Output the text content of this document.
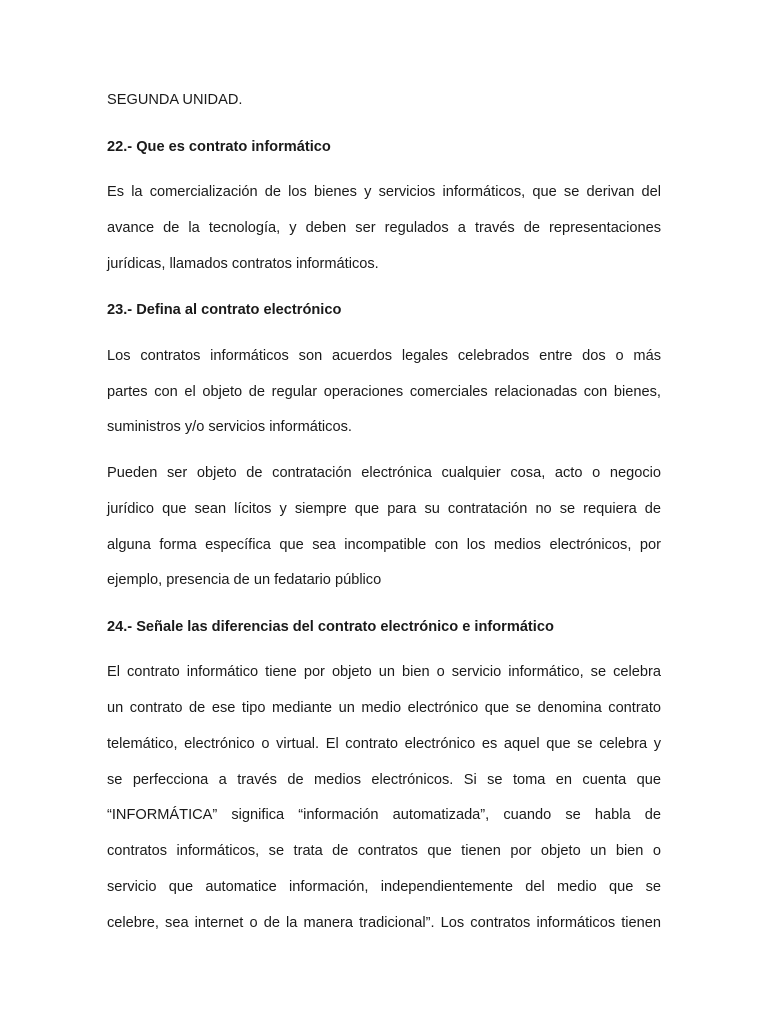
SEGUNDA UNIDAD.
22.- Que es contrato informático
Es la comercialización de los bienes y servicios informáticos, que se derivan del
avance de la tecnología, y deben ser regulados a través de representaciones
jurídicas, llamados contratos informáticos.
23.- Defina al contrato electrónico
Los contratos informáticos son acuerdos legales celebrados entre dos o más
partes con el objeto de regular operaciones comerciales relacionadas con bienes,
suministros y/o servicios informáticos.
Pueden ser objeto de contratación electrónica cualquier cosa, acto o negocio
jurídico que sean lícitos y siempre que para su contratación no se requiera de
alguna forma específica que sea incompatible con los medios electrónicos, por
ejemplo, presencia de un fedatario público
24.- Señale las diferencias del contrato electrónico e informático
El contrato informático tiene por objeto un bien o servicio informático, se celebra
un contrato de ese tipo mediante un medio electrónico que se denomina contrato
telemático, electrónico o virtual. El contrato electrónico es aquel que se celebra y
se perfecciona a través de medios electrónicos. Si se toma en cuenta que
“INFORMÁTICA” significa “información automatizada”, cuando se habla de
contratos informáticos, se trata de contratos que tienen por objeto un bien o
servicio que automatice información, independientemente del medio que se
celebre, sea internet o de la manera tradicional”. Los contratos informáticos tienen
